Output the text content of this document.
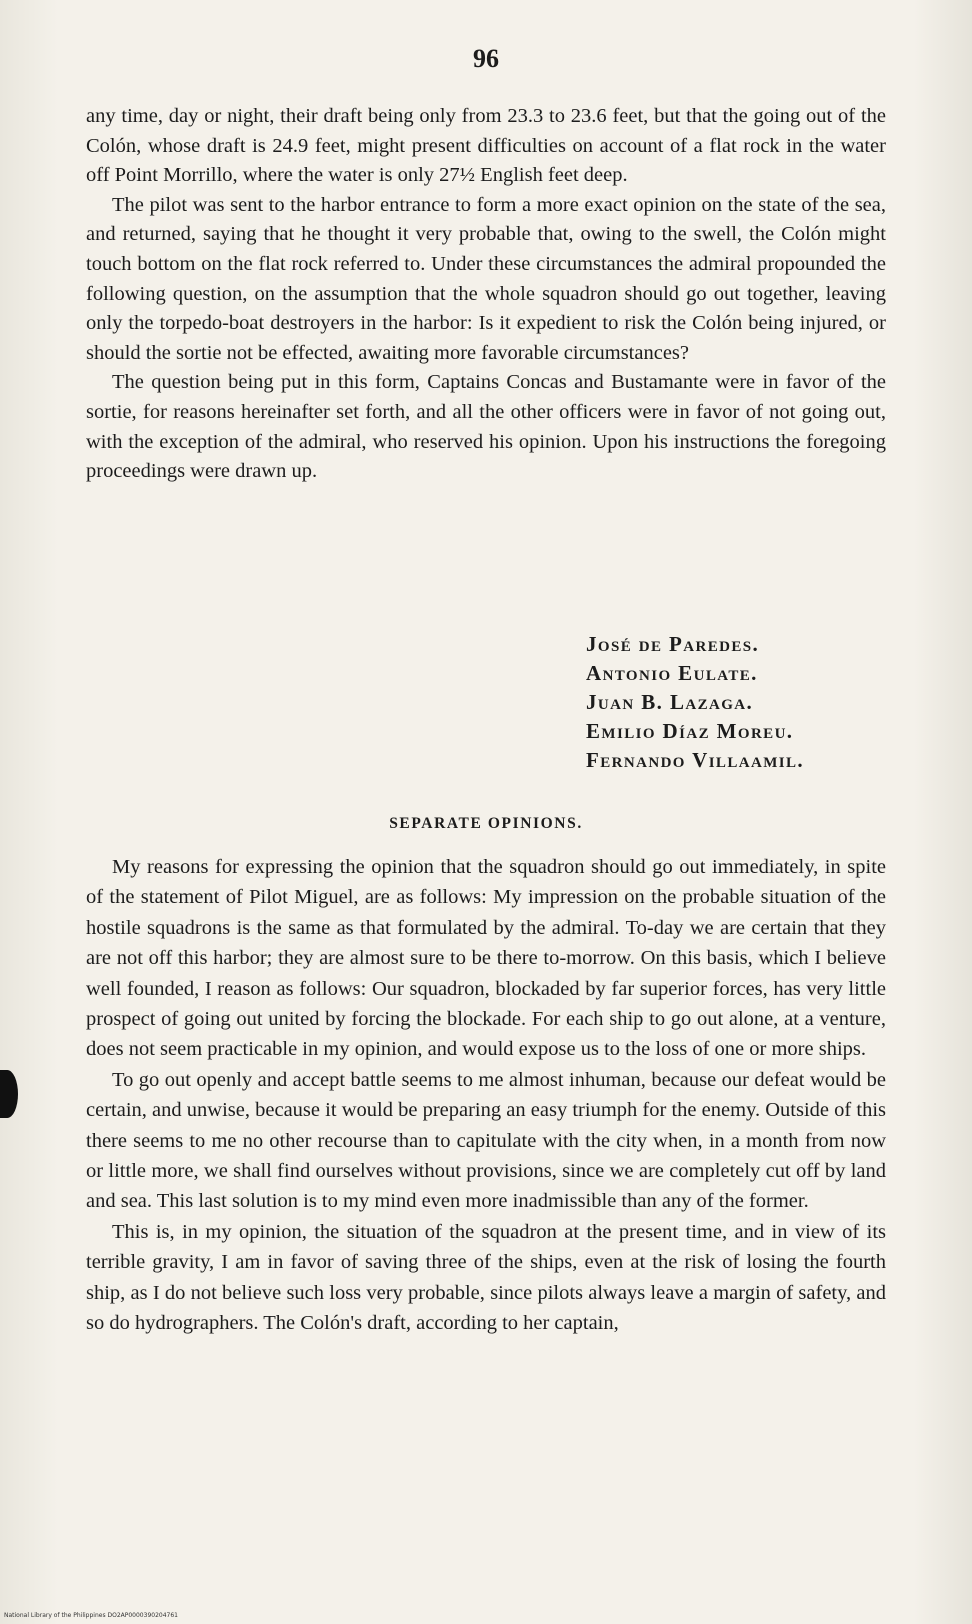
96

any time, day or night, their draft being only from 23.3 to 23.6 feet, but that the going out of the Colón, whose draft is 24.9 feet, might present difficulties on account of a flat rock in the water off Point Morrillo, where the water is only 27½ English feet deep.

The pilot was sent to the harbor entrance to form a more exact opinion on the state of the sea, and returned, saying that he thought it very probable that, owing to the swell, the Colón might touch bottom on the flat rock referred to. Under these circumstances the admiral propounded the following question, on the assumption that the whole squadron should go out together, leaving only the torpedo-boat destroyers in the harbor: Is it expedient to risk the Colón being injured, or should the sortie not be effected, awaiting more favorable circumstances?

The question being put in this form, Captains Concas and Bustamante were in favor of the sortie, for reasons hereinafter set forth, and all the other officers were in favor of not going out, with the exception of the admiral, who reserved his opinion. Upon his instructions the foregoing proceedings were drawn up.

José de Paredes.
Antonio Eulate.
Juan B. Lazaga.
Emilio Díaz Moreu.
Fernando Villaamil.
SEPARATE OPINIONS.

My reasons for expressing the opinion that the squadron should go out immediately, in spite of the statement of Pilot Miguel, are as follows: My impression on the probable situation of the hostile squadrons is the same as that formulated by the admiral. To-day we are certain that they are not off this harbor; they are almost sure to be there to-morrow. On this basis, which I believe well founded, I reason as follows: Our squadron, blockaded by far superior forces, has very little prospect of going out united by forcing the blockade. For each ship to go out alone, at a venture, does not seem practicable in my opinion, and would expose us to the loss of one or more ships.

To go out openly and accept battle seems to me almost inhuman, because our defeat would be certain, and unwise, because it would be preparing an easy triumph for the enemy. Outside of this there seems to me no other recourse than to capitulate with the city when, in a month from now or little more, we shall find ourselves without provisions, since we are completely cut off by land and sea. This last solution is to my mind even more inadmissible than any of the former.

This is, in my opinion, the situation of the squadron at the present time, and in view of its terrible gravity, I am in favor of saving three of the ships, even at the risk of losing the fourth ship, as I do not believe such loss very probable, since pilots always leave a margin of safety, and so do hydrographers. The Colón's draft, according to her captain,

National Library of the Philippines DO2AP0000390204761
